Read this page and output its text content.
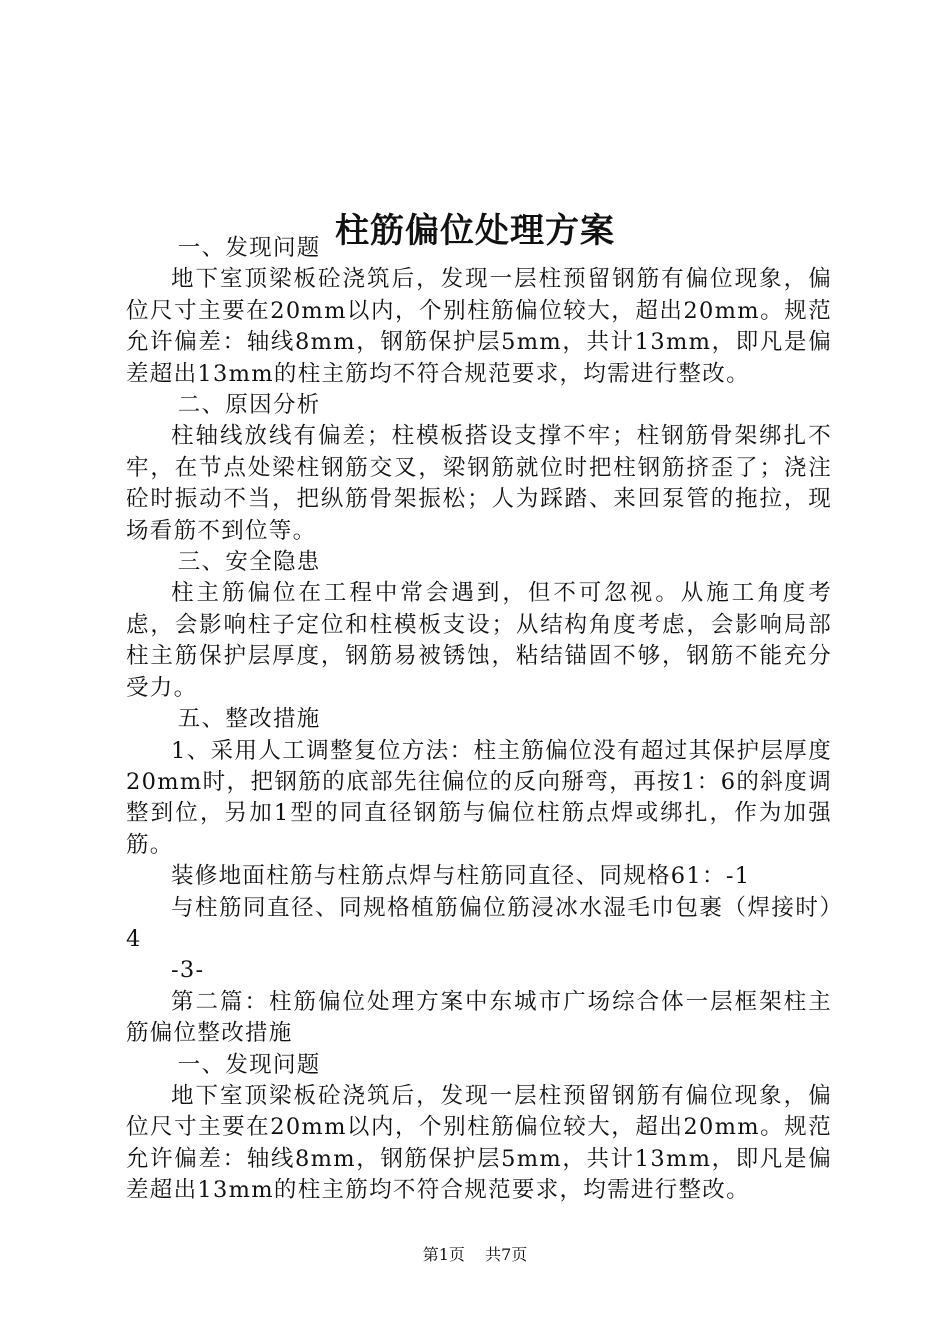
柱筋偏位处理方案

一、发现问题

地下室顶梁板砼浇筑后，发现一层柱预留钢筋有偏位现象，偏位尺寸主要在20mm以内，个别柱筋偏位较大，超出20mm。规范允许偏差：轴线8mm，钢筋保护层5mm，共计13mm，即凡是偏差超出13mm的柱主筋均不符合规范要求，均需进行整改。

二、原因分析

柱轴线放线有偏差；柱模板搭设支撑不牢；柱钢筋骨架绑扎不牢，在节点处梁柱钢筋交叉，梁钢筋就位时把柱钢筋挤歪了；浇注砼时振动不当，把纵筋骨架振松；人为踩踏、来回泵管的拖拉，现场看筋不到位等。

三、安全隐患

柱主筋偏位在工程中常会遇到，但不可忽视。从施工角度考虑，会影响柱子定位和柱模板支设；从结构角度考虑，会影响局部柱主筋保护层厚度，钢筋易被锈蚀，粘结锚固不够，钢筋不能充分受力。

五、整改措施

1、采用人工调整复位方法：柱主筋偏位没有超过其保护层厚度20mm时，把钢筋的底部先往偏位的反向掰弯，再按1：6的斜度调整到位，另加1型的同直径钢筋与偏位柱筋点焊或绑扎，作为加强筋。

装修地面柱筋与柱筋点焊与柱筋同直径、同规格61：-1

与柱筋同直径、同规格植筋偏位筋浸冰水湿毛巾包裹（焊接时）4

-3-

第二篇：柱筋偏位处理方案中东城市广场综合体一层框架柱主筋偏位整改措施

一、发现问题

地下室顶梁板砼浇筑后，发现一层柱预留钢筋有偏位现象，偏位尺寸主要在20mm以内，个别柱筋偏位较大，超出20mm。规范允许偏差：轴线8mm，钢筋保护层5mm，共计13mm，即凡是偏差超出13mm的柱主筋均不符合规范要求，均需进行整改。

第1页 共7页
